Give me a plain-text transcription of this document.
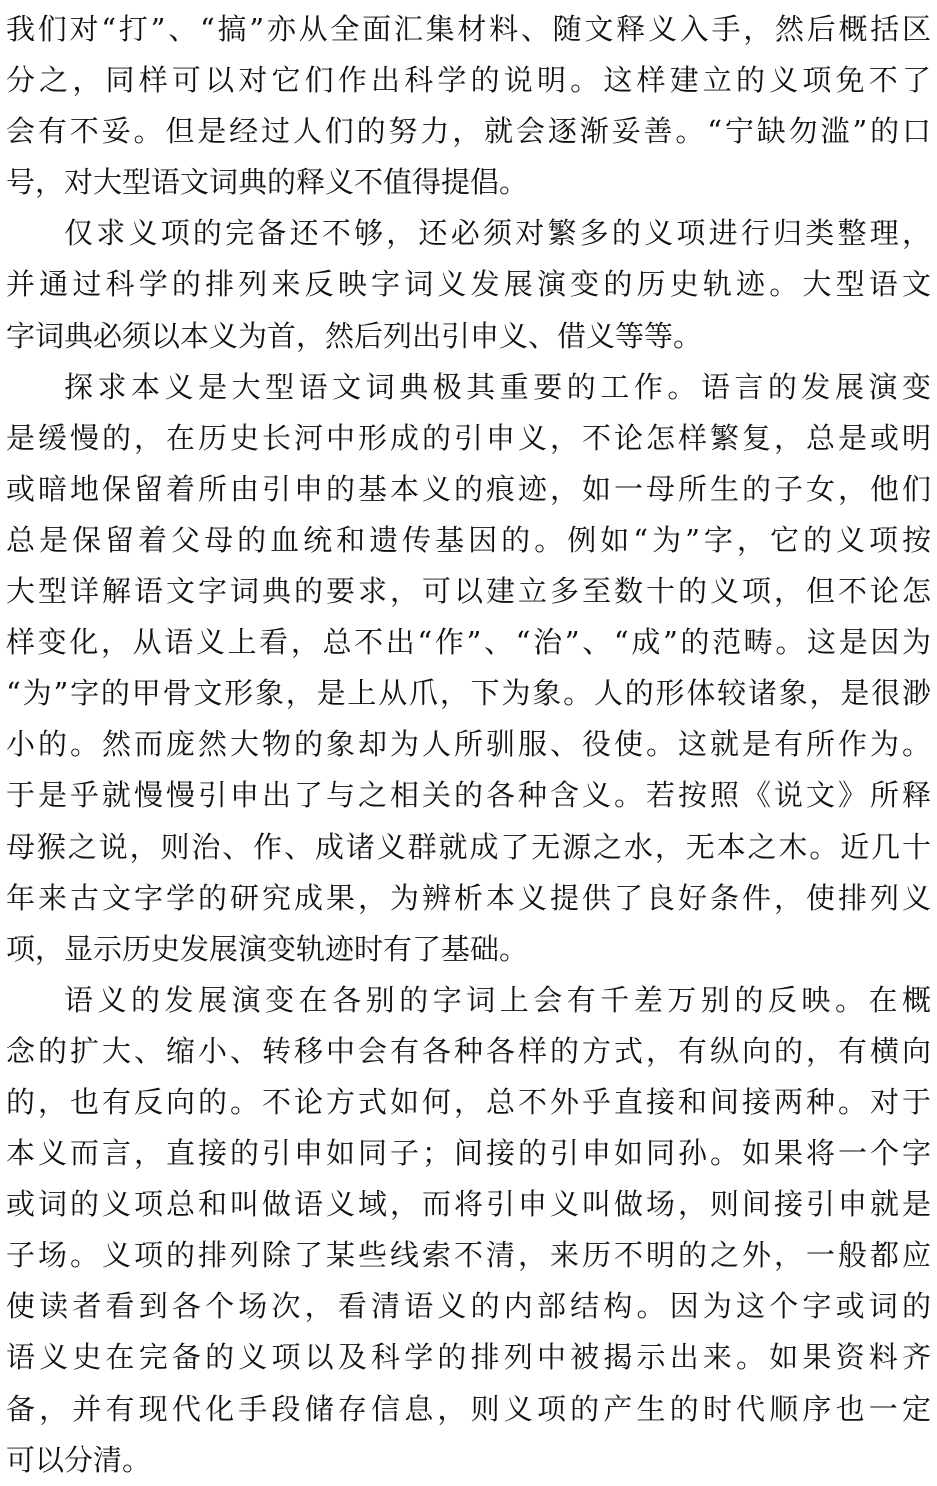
我们对“打”、“搞”亦从全面汇集材料、随文释义入手，然后概括区
分之，同样可以对它们作出科学的说明。这样建立的义项免不了
会有不妥。但是经过人们的努力，就会逐渐妥善。“宁缺勿滥”的口
号，对大型语文词典的释义不值得提倡。
仅求义项的完备还不够，还必须对繁多的义项进行归类整理，
并通过科学的排列来反映字词义发展演变的历史轨迹。大型语文
字词典必须以本义为首，然后列出引申义、借义等等。
探求本义是大型语文词典极其重要的工作。语言的发展演变
是缓慢的，在历史长河中形成的引申义，不论怎样繁复，总是或明
或暗地保留着所由引申的基本义的痕迹，如一母所生的子女，他们
总是保留着父母的血统和遗传基因的。例如“为”字，它的义项按
大型详解语文字词典的要求，可以建立多至数十的义项，但不论怎
样变化，从语义上看，总不出“作”、“治”、“成”的范畴。这是因为
“为”字的甲骨文形象，是上从爪，下为象。人的形体较诸象，是很渺
小的。然而庞然大物的象却为人所驯服、役使。这就是有所作为。
于是乎就慢慢引申出了与之相关的各种含义。若按照《说文》所释
母猴之说，则治、作、成诸义群就成了无源之水，无本之木。近几十
年来古文字学的研究成果，为辨析本义提供了良好条件，使排列义
项，显示历史发展演变轨迹时有了基础。
语义的发展演变在各别的字词上会有千差万别的反映。在概
念的扩大、缩小、转移中会有各种各样的方式，有纵向的，有横向
的，也有反向的。不论方式如何，总不外乎直接和间接两种。对于
本义而言，直接的引申如同子；间接的引申如同孙。如果将一个字
或词的义项总和叫做语义域，而将引申义叫做场，则间接引申就是
子场。义项的排列除了某些线索不清，来历不明的之外，一般都应
使读者看到各个场次，看清语义的内部结构。因为这个字或词的
语义史在完备的义项以及科学的排列中被揭示出来。如果资料齐
备，并有现代化手段储存信息，则义项的产生的时代顺序也一定
可以分清。
